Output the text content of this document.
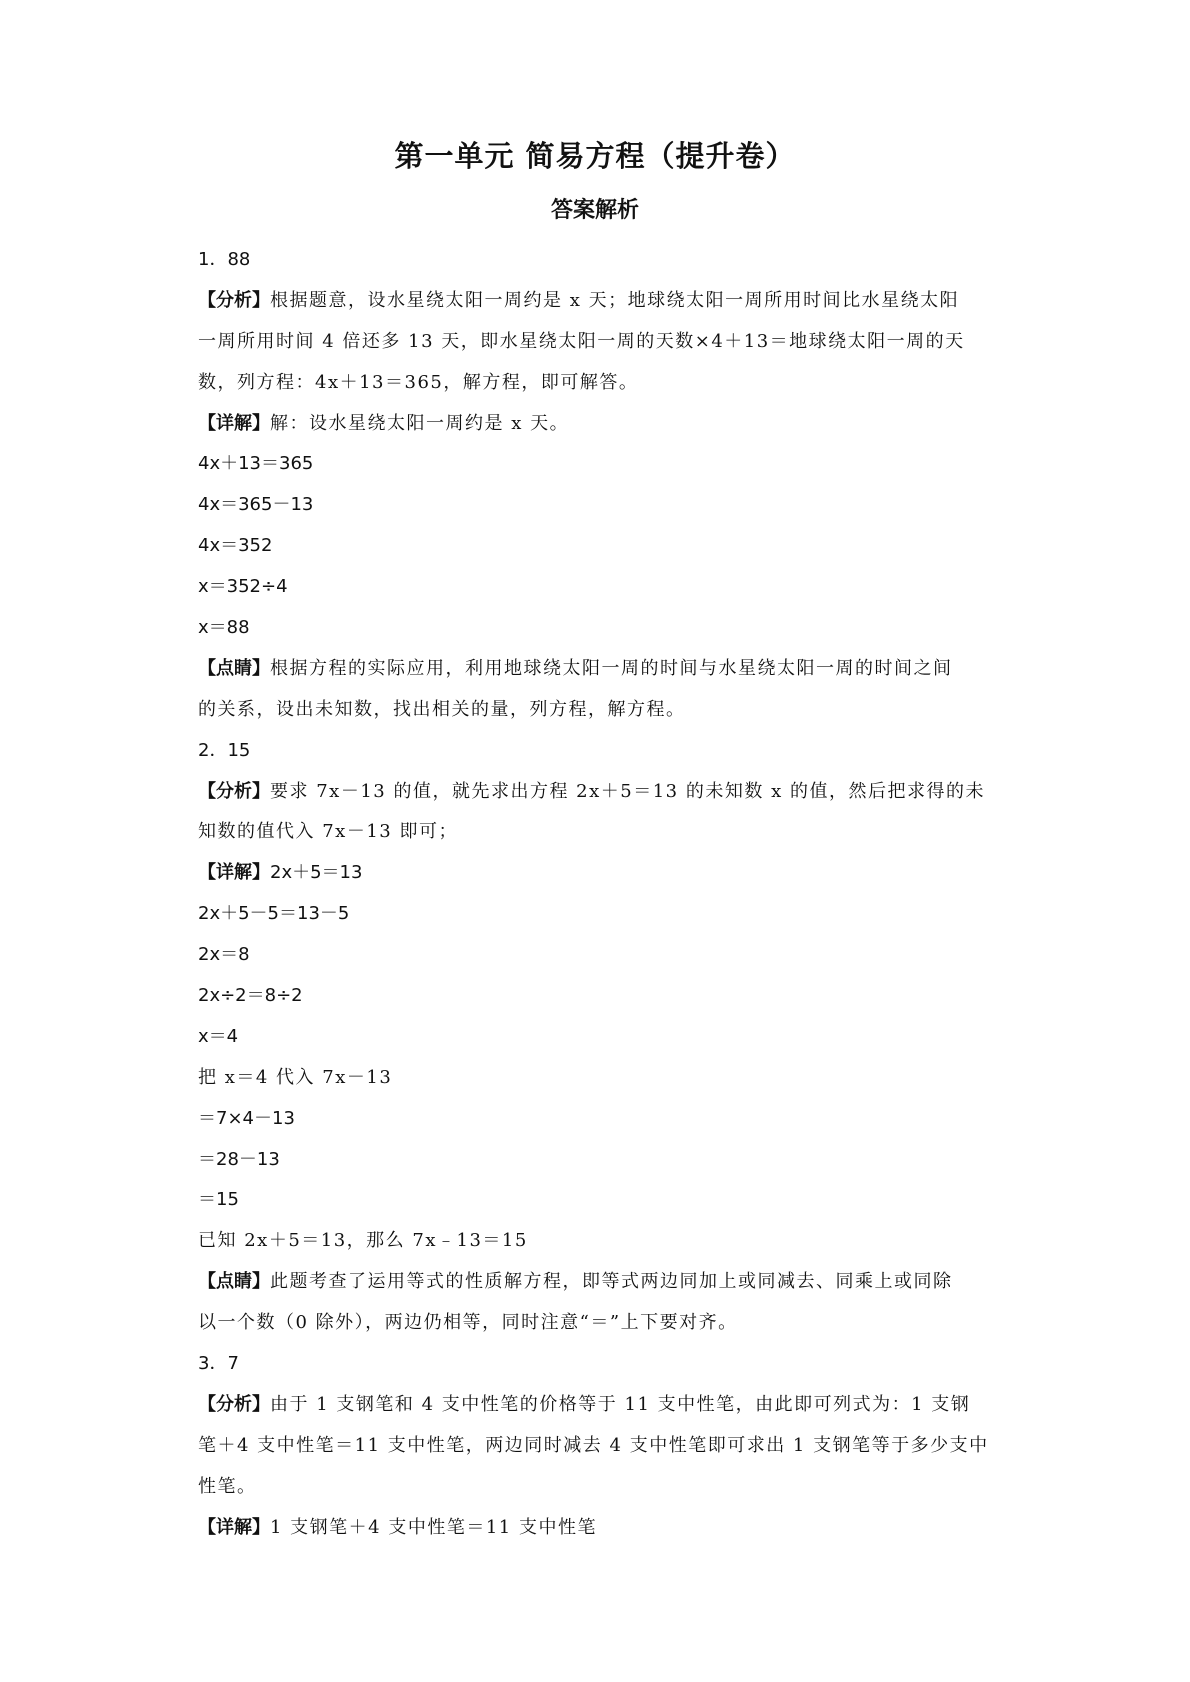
第一单元 简易方程（提升卷）
答案解析
1．88
【分析】根据题意，设水星绕太阳一周约是 x 天；地球绕太阳一周所用时间比水星绕太阳
一周所用时间 4 倍还多 13 天，即水星绕太阳一周的天数×4＋13＝地球绕太阳一周的天
数，列方程：4x＋13＝365，解方程，即可解答。
【详解】解：设水星绕太阳一周约是 x 天。
4x＋13＝365
4x＝365－13
4x＝352
x＝352÷4
x＝88
【点睛】根据方程的实际应用，利用地球绕太阳一周的时间与水星绕太阳一周的时间之间
的关系，设出未知数，找出相关的量，列方程，解方程。
2．15
【分析】要求 7x－13 的值，就先求出方程 2x＋5＝13 的未知数 x 的值，然后把求得的未
知数的值代入 7x－13 即可；
【详解】2x＋5＝13
2x＋5－5＝13－5
2x＝8
2x÷2＝8÷2
x＝4
把 x＝4 代入 7x－13
＝7×4－13
＝28－13
＝15
已知 2x＋5＝13，那么 7x﹣13＝15
【点睛】此题考查了运用等式的性质解方程，即等式两边同加上或同减去、同乘上或同除
以一个数（0 除外），两边仍相等，同时注意“＝”上下要对齐。
3．7
【分析】由于 1 支钢笔和 4 支中性笔的价格等于 11 支中性笔，由此即可列式为：1 支钢
笔＋4 支中性笔＝11 支中性笔，两边同时减去 4 支中性笔即可求出 1 支钢笔等于多少支中
性笔。
【详解】1 支钢笔＋4 支中性笔＝11 支中性笔
